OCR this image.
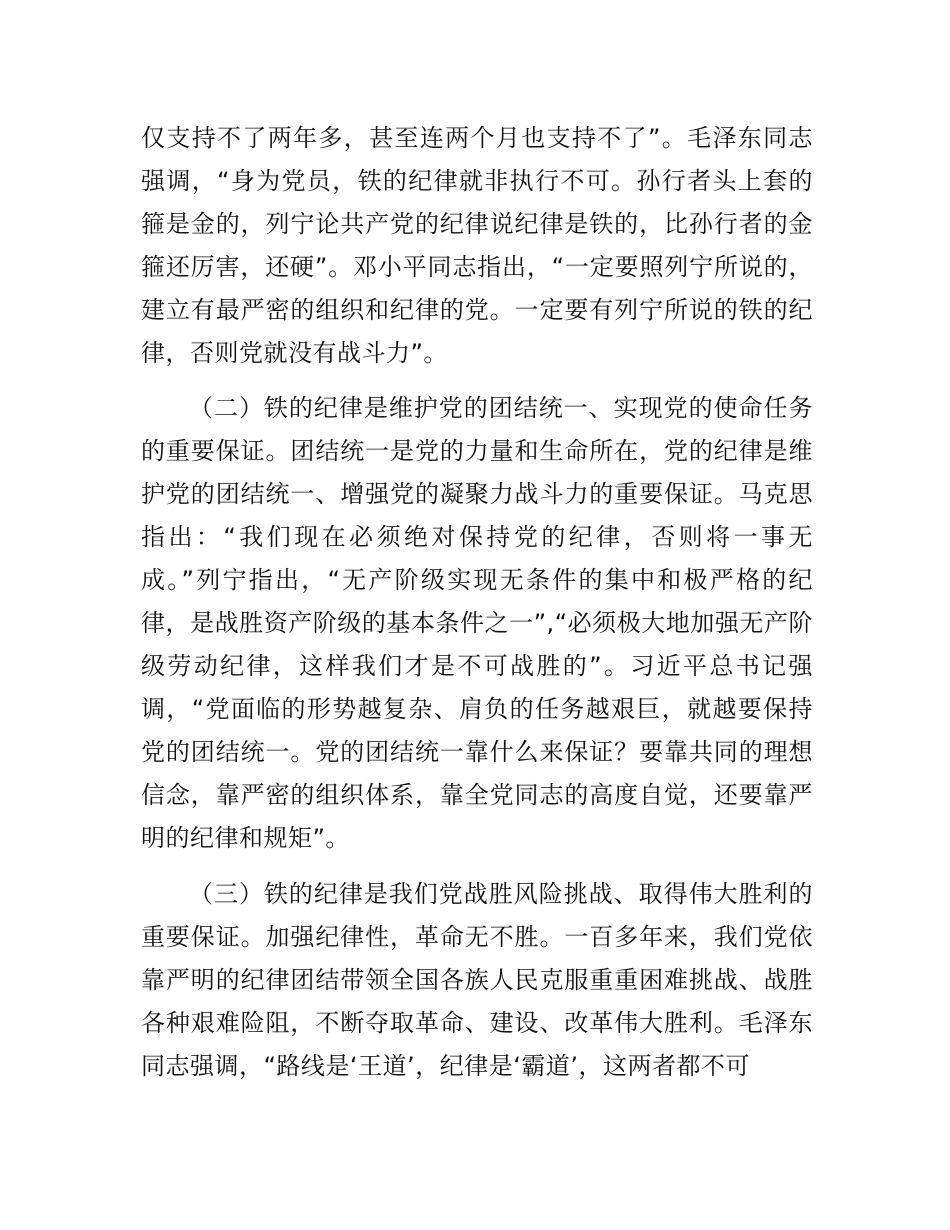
仅支持不了两年多，甚至连两个月也支持不了”。毛泽东同志强调，“身为党员，铁的纪律就非执行不可。孙行者头上套的箍是金的，列宁论共产党的纪律说纪律是铁的，比孙行者的金箍还厉害，还硬”。邓小平同志指出，“一定要照列宁所说的，建立有最严密的组织和纪律的党。一定要有列宁所说的铁的纪律，否则党就没有战斗力”。

（二）铁的纪律是维护党的团结统一、实现党的使命任务的重要保证。团结统一是党的力量和生命所在，党的纪律是维护党的团结统一、增强党的凝聚力战斗力的重要保证。马克思指出：“我们现在必须绝对保持党的纪律，否则将一事无成。”列宁指出，“无产阶级实现无条件的集中和极严格的纪律，是战胜资产阶级的基本条件之一”,“必须极大地加强无产阶级劳动纪律，这样我们才是不可战胜的”。习近平总书记强调，“党面临的形势越复杂、肩负的任务越艰巨，就越要保持党的团结统一。党的团结统一靠什么来保证？要靠共同的理想信念，靠严密的组织体系，靠全党同志的高度自觉，还要靠严明的纪律和规矩”。

（三）铁的纪律是我们党战胜风险挑战、取得伟大胜利的重要保证。加强纪律性，革命无不胜。一百多年来，我们党依靠严明的纪律团结带领全国各族人民克服重重困难挑战、战胜各种艰难险阻，不断夺取革命、建设、改革伟大胜利。毛泽东同志强调，“路线是‘王道’，纪律是‘霸道’，这两者都不可
